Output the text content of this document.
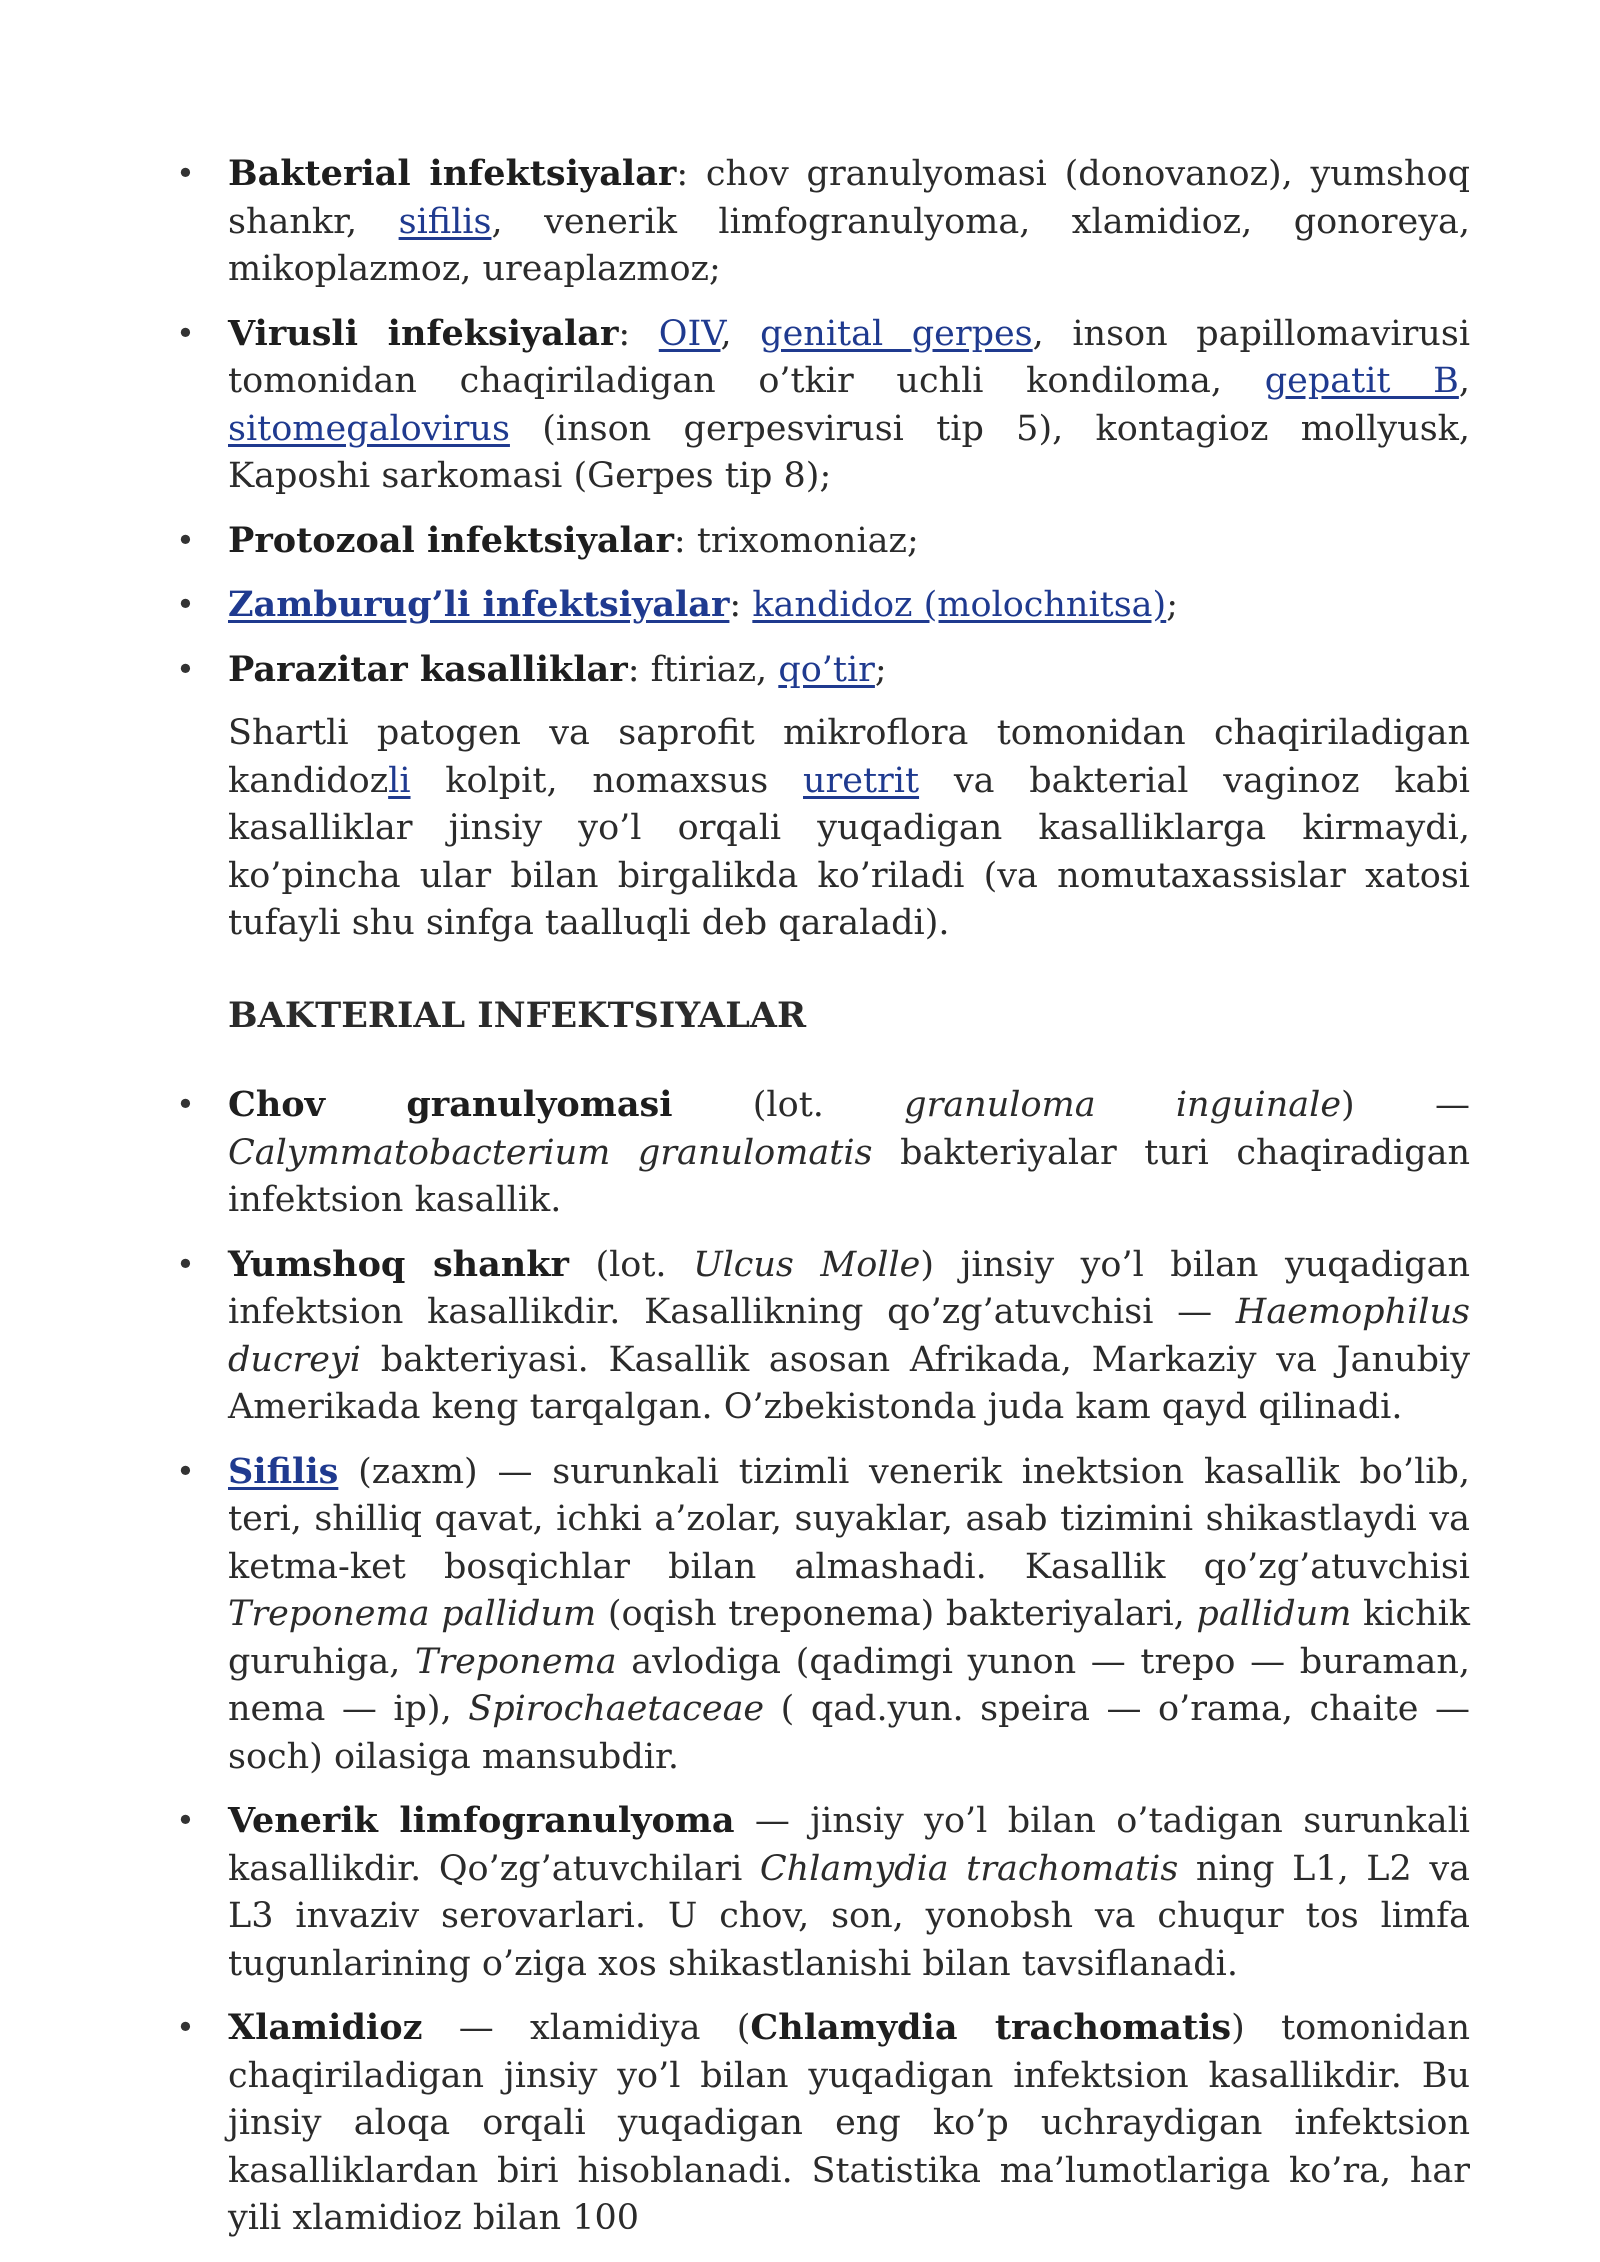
• Bakterial infektsiyalar: chov granulyomasi (donovanoz), yumshoq shankr, sifilis, venerik limfogranulyoma, xlamidioz, gonoreya, mikoplazmoz, ureaplazmoz;
• Virusli infeksiyalar: OIV, genital gerpes, inson papillomavirusi tomonidan chaqiriladigan o’tkir uchli kondiloma, gepatit B, sitomegalovirus (inson gerpesvirusi tip 5), kontagioz mollyusk, Kaposhi sarkomasi (Gerpes tip 8);
• Protozoal infektsiyalar: trixomoniaz;
• Zamburug’li infektsiyalar: kandidoz (molochnitsa);
• Parazitar kasalliklar: ftiriaz, qo’tir;

Shartli patogen va saprofit mikroflora tomonidan chaqiriladigan kandidozli kolpit, nomaxsus uretrit va bakterial vaginoz kabi kasalliklar jinsiy yo’l orqali yuqadigan kasalliklarga kirmaydi, ko’pincha ular bilan birgalikda ko’riladi (va nomutaxassislar xatosi tufayli shu sinfga taalluqli deb qaraladi).

BAKTERIAL INFEKTSIYALAR
• Chov granulyomasi (lot. granuloma inguinale) — Calymmatobacterium granulomatis bakteriyalar turi chaqiradigan infektsion kasallik.
• Yumshoq shankr (lot. Ulcus Molle) jinsiy yo’l bilan yuqadigan infektsion kasallikdir. Kasallikning qo’zg’atuvchisi — Haemophilus ducreyi bakteriyasi. Kasallik asosan Afrikada, Markaziy va Janubiy Amerikada keng tarqalgan. O’zbekistonda juda kam qayd qilinadi.
• Sifilis (zaxm) — surunkali tizimli venerik inektsion kasallik bo’lib, teri, shilliq qavat, ichki a’zolar, suyaklar, asab tizimini shikastlaydi va ketma-ket bosqichlar bilan almashadi. Kasallik qo’zg’atuvchisi Treponema pallidum (oqish treponema) bakteriyalari, pallidum kichik guruhiga, Treponema avlodiga (qadimgi yunon — trepo — buraman, nema — ip), Spirochaetaceae ( qad.yun. speira — o’rama, chaite — soch) oilasiga mansubdir.
• Venerik limfogranulyoma — jinsiy yo’l bilan o’tadigan surunkali kasallikdir. Qo’zg’atuvchilari Chlamydia trachomatis ning L1, L2 va L3 invaziv serovarlari. U chov, son, yonobsh va chuqur tos limfa tugunlarining o’ziga xos shikastlanishi bilan tavsiflanadi.
• Xlamidioz — xlamidiya (Chlamydia trachomatis) tomonidan chaqiriladigan jinsiy yo’l bilan yuqadigan infektsion kasallikdir. Bu jinsiy aloqa orqali yuqadigan eng ko’p uchraydigan infektsion kasalliklardan biri hisoblanadi. Statistika ma’lumotlariga ko’ra, har yili xlamidioz bilan 100
